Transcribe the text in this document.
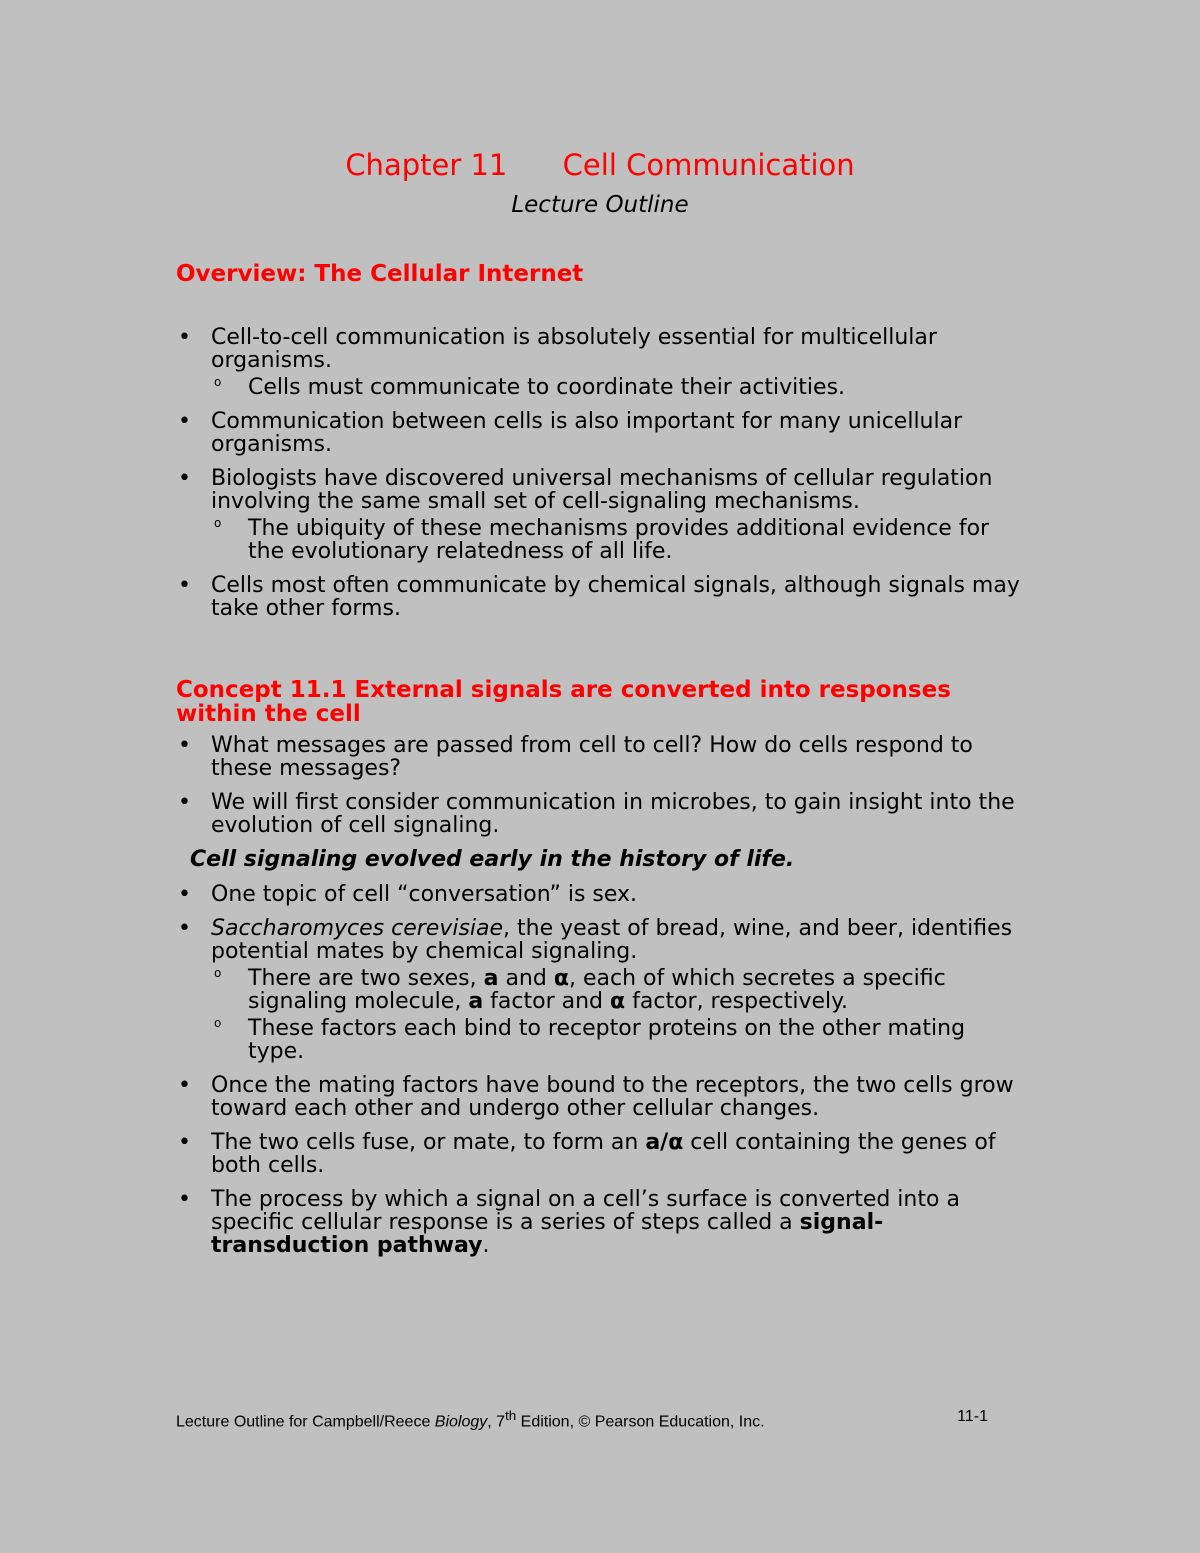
Chapter 11      Cell Communication
Lecture Outline
Overview: The Cellular Internet
• Cell-to-cell communication is absolutely essential for multicellular organisms.
o Cells must communicate to coordinate their activities.
• Communication between cells is also important for many unicellular organisms.
• Biologists have discovered universal mechanisms of cellular regulation involving the same small set of cell-signaling mechanisms.
o The ubiquity of these mechanisms provides additional evidence for the evolutionary relatedness of all life.
• Cells most often communicate by chemical signals, although signals may take other forms.
Concept 11.1 External signals are converted into responses within the cell
• What messages are passed from cell to cell? How do cells respond to these messages?
• We will first consider communication in microbes, to gain insight into the evolution of cell signaling.
Cell signaling evolved early in the history of life.
• One topic of cell “conversation” is sex.
• Saccharomyces cerevisiae, the yeast of bread, wine, and beer, identifies potential mates by chemical signaling.
o There are two sexes, a and α, each of which secretes a specific signaling molecule, a factor and α factor, respectively.
o These factors each bind to receptor proteins on the other mating type.
• Once the mating factors have bound to the receptors, the two cells grow toward each other and undergo other cellular changes.
• The two cells fuse, or mate, to form an a/α cell containing the genes of both cells.
• The process by which a signal on a cell’s surface is converted into a specific cellular response is a series of steps called a signal-transduction pathway.
Lecture Outline for Campbell/Reece Biology, 7th Edition, © Pearson Education, Inc.	11-1
